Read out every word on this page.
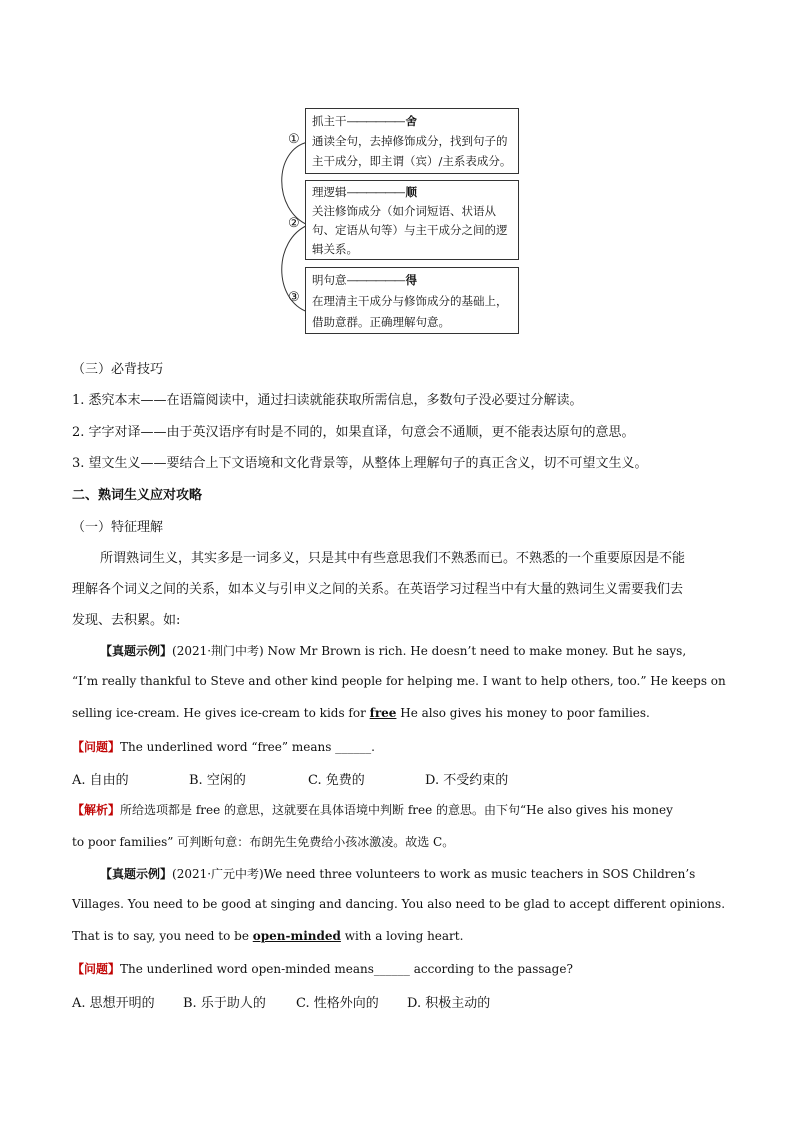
①
②
③
抓主干—————— 舍
通读全句，去掉修饰成分，找到句子的
主干成分，即主谓（宾）/主系表成分。
理逻辑—————— 顺
关注修饰成分（如介词短语、状语从
句、定语从句等）与主干成分之间的逻
辑关系。
明句意—————— 得
在理清主干成分与修饰成分的基础上，
借助意群。正确理解句意。
（三）必背技巧
1. 悉究本末——在语篇阅读中，通过扫读就能获取所需信息，多数句子没必要过分解读。
2. 字字对译——由于英汉语序有时是不同的，如果直译，句意会不通顺，更不能表达原句的意思。
3. 望文生义——要结合上下文语境和文化背景等，从整体上理解句子的真正含义，切不可望文生义。
二、熟词生义应对攻略
（一）特征理解
所谓熟词生义，其实多是一词多义，只是其中有些意思我们不熟悉而已。不熟悉的一个重要原因是不能
理解各个词义之间的关系，如本义与引申义之间的关系。在英语学习过程当中有大量的熟词生义需要我们去
发现、去积累。如:
【真题示例】(2021·荆门中考) Now Mr Brown is rich. He doesn’t need to make money. But he says,
“I’m really thankful to Steve and other kind people for helping me. I want to help others, too.” He keeps on
selling ice-cream. He gives ice-cream to kids for free He also gives his money to poor families.
【问题】The underlined word “free” means ______.
A. 自由的	B. 空闲的	C. 免费的	D. 不受约束的
【解析】所给选项都是 free 的意思，这就要在具体语境中判断 free 的意思。由下句“He also gives his money
to poor families” 可判断句意：布朗先生免费给小孩冰激凌。故选 C。
【真题示例】(2021·广元中考)We need three volunteers to work as music teachers in SOS Children’s
Villages. You need to be good at singing and dancing. You also need to be glad to accept different opinions.
That is to say, you need to be open-minded with a loving heart.
【问题】The underlined word open-minded means______ according to the passage?
A. 思想开明的 B. 乐于助人的 C. 性格外向的 D. 积极主动的
